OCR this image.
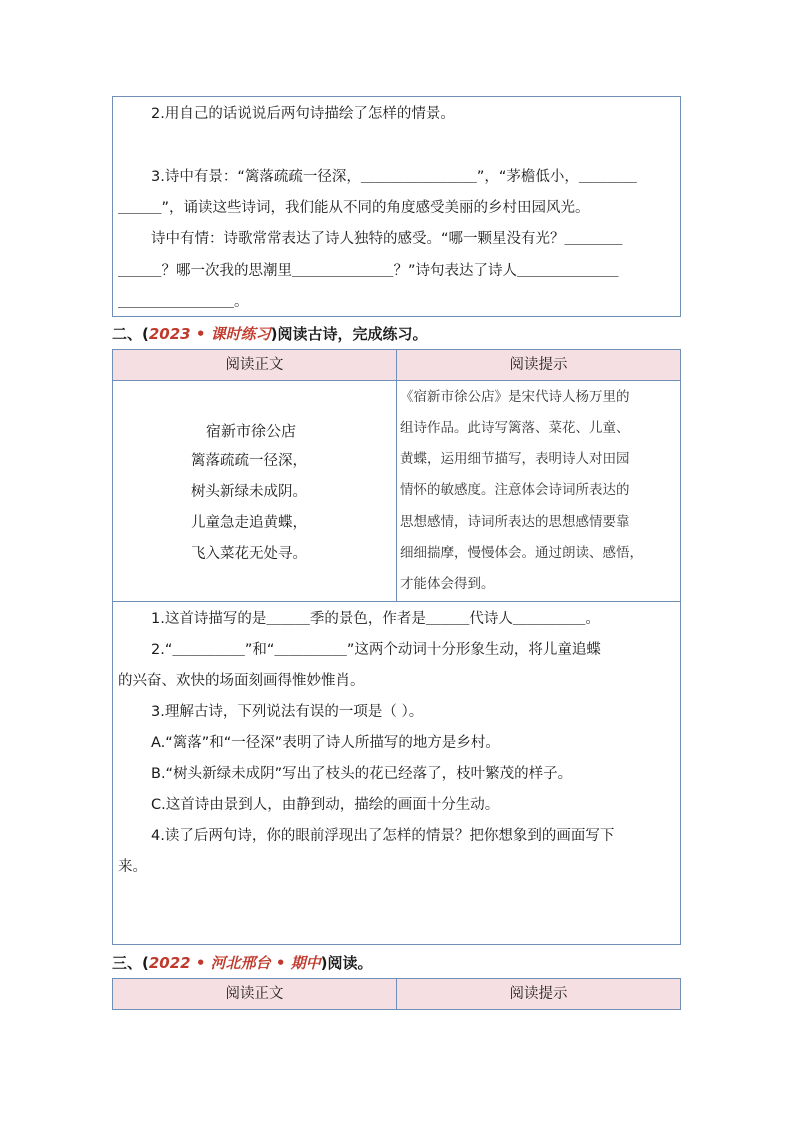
2.用自己的话说说后两句诗描绘了怎样的情景。
3.诗中有景：“篱落疏疏一径深，＿＿＿＿＿＿＿＿”，“茅檐低小，＿＿＿＿
＿＿＿”，诵读这些诗词，我们能从不同的角度感受美丽的乡村田园风光。
诗中有情：诗歌常常表达了诗人独特的感受。“哪一颗星没有光？＿＿＿＿
＿＿＿？哪一次我的思潮里＿＿＿＿＿＿＿？”诗句表达了诗人＿＿＿＿＿＿＿
＿＿＿＿＿＿＿＿。
二、(2023 • 课时练习)阅读古诗，完成练习。
阅读正文	阅读提示
宿新市徐公店
篱落疏疏一径深，
树头新绿未成阴。
儿童急走追黄蝶，
飞入菜花无处寻。
《宿新市徐公店》是宋代诗人杨万里的
组诗作品。此诗写篱落、菜花、儿童、
黄蝶，运用细节描写，表明诗人对田园
情怀的敏感度。注意体会诗词所表达的
思想感情，诗词所表达的思想感情要靠
细细揣摩，慢慢体会。通过朗读、感悟，
才能体会得到。
1.这首诗描写的是＿＿＿季的景色，作者是＿＿＿代诗人＿＿＿＿＿。
2.“＿＿＿＿＿”和“＿＿＿＿＿”这两个动词十分形象生动，将儿童追蝶
的兴奋、欢快的场面刻画得惟妙惟肖。
3.理解古诗，下列说法有误的一项是（ ）。
A.“篱落”和“一径深”表明了诗人所描写的地方是乡村。
B.“树头新绿未成阴”写出了枝头的花已经落了，枝叶繁茂的样子。
C.这首诗由景到人，由静到动，描绘的画面十分生动。
4.读了后两句诗，你的眼前浮现出了怎样的情景？把你想象到的画面写下
来。
三、(2022 • 河北邢台 • 期中)阅读。
阅读正文	阅读提示
